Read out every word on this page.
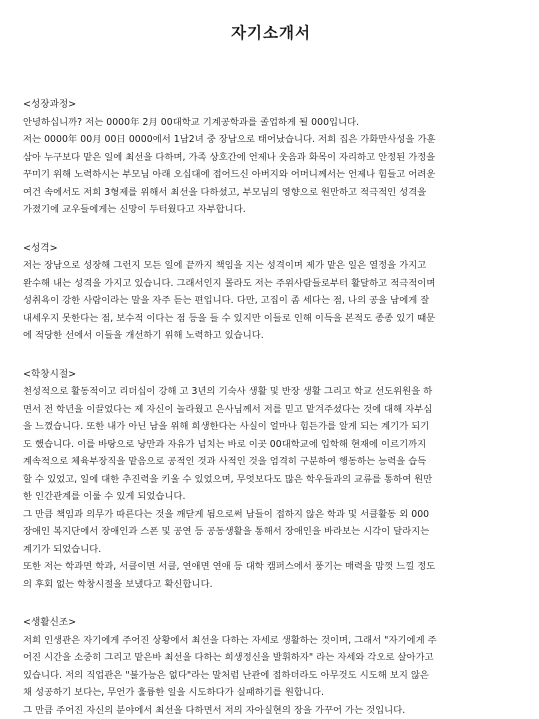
자기소개서
<성장과정>
안녕하십니까? 저는 0000年 2月 00대학교 기계공학과를 졸업하게 될 000입니다.
저는 0000年 00月 00日 0000에서 1남2녀 중 장남으로 태어났습니다. 저희 집은 가화만사성을 가훈
삼아 누구보다 맡은 일에 최선을 다하며, 가족 상호간에 언제나 웃음과 화목이 자리하고 안정된 가정을
꾸미기 위해 노력하시는 부모님 아래 오십대에 접어드신 아버지와 어머니께서는 언제나 힘들고 어려운
여건 속에서도 저희 3형제를 위해서 최선을 다하셨고, 부모님의 영향으로 원만하고 적극적인 성격을
가졌기에 교우들에게는 신망이 두터웠다고 자부합니다.
<성격>
저는 장남으로 성장해 그런지 모든 일에 끝까지 책임을 지는 성격이며 제가 맡은 일은 열정을 가지고
완수해 내는 성격을 가지고 있습니다. 그래서인지 몰라도 저는 주위사람들로부터 활달하고 적극적이며
성취욕이 강한 사람이라는 말을 자주 듣는 편입니다. 다만, 고집이 좀 세다는 점, 나의 공을 남에게 잘
내세우지 못한다는 점, 보수적 이다는 점 등을 들 수 있지만 이들로 인해 이득을 본적도 종종 있기 때문
에 적당한 선에서 이들을 개선하기 위해 노력하고 있습니다.
<학창시절>
천성적으로 활동적이고 리더십이 강해 고 3년의 기숙사 생활 및 반장 생활 그리고 학교 선도위원을 하
면서 전 학년을 이끌었다는 제 자신이 놀라웠고 은사님께서 저를 믿고 맡겨주셨다는 것에 대해 자부심
을 느꼈습니다. 또한 내가 아닌 남을 위해 희생한다는 사실이 얼마나 힘든가를 알게 되는 계기가 되기
도 했습니다. 이를 바탕으로 낭만과 자유가 넘치는 바로 이곳 00대학교에 입학해 현재에 이르기까지
계속적으로 체육부장직을 맡음으로 공적인 것과 사적인 것을 엄격히 구분하여 행동하는 능력을 습득
할 수 있었고, 일에 대한 추진력을 키울 수 있었으며, 무엇보다도 많은 학우들과의 교류를 통하여 원만
한 인간관계를 이룰 수 있게 되었습니다.
그 만큼 책임과 의무가 따른다는 것을 깨닫게 됨으로써 남들이 접하지 않은 학과 및 서클활동 외 000
장애인 복지단에서 장애인과 스폰 및 공연 등 공동생활을 통해서 장애인을 바라보는 시각이 달라지는
계기가 되었습니다.
또한 저는 학과면 학과, 서클이면 서클, 연애면 연애 등 대학 캠퍼스에서 풍기는 매력을 맘껏 느낄 정도
의 후회 없는 학창시절을 보냈다고 확신합니다.
<생활신조>
저희 인생관은 자기에게 주어진 상황에서 최선을 다하는 자세로 생활하는 것이며, 그래서 "자기에게 주
어진 시간을 소중히 그리고 맡은바 최선을 다하는 희생정신을 발휘하자" 라는 자세와 각오로 살아가고
있습니다. 저의 직업관은 "불가능은 없다"라는 말처럼 난관에 접하더라도 아무것도 시도해 보지 않은
채 성공하기 보다는, 무언가 훌륭한 일을 시도하다가 실패하기를 원합니다.
그 만큼 주어진 자신의 분야에서 최선을 다하면서 저의 자아실현의 장을 가꾸어 가는 것입니다.
